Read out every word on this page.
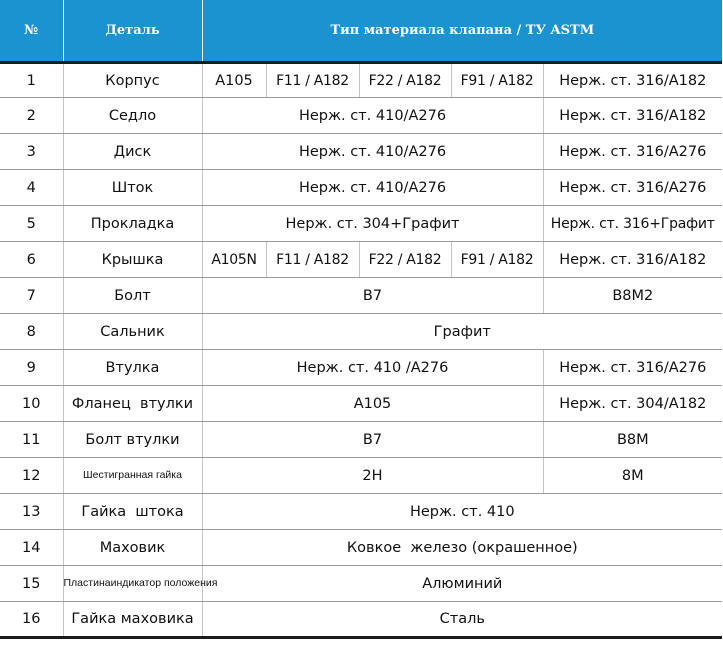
№	Деталь	Тип материала клапана / ТУ ASTM				
1	Корпус	A105	F11 / A182	F22 / A182	F91 / A182	Нерж. ст. 316/A182
2	Седло	Нерж. ст. 410/A276				Нерж. ст. 316/A182
3	Диск	Нерж. ст. 410/A276				Нерж. ст. 316/A276
4	Шток	Нерж. ст. 410/A276				Нерж. ст. 316/A276
5	Прокладка	Нерж. ст. 304+Графит				Нерж. ст. 316+Графит
6	Крышка	A105N	F11 / A182	F22 / A182	F91 / A182	Нерж. ст. 316/A182
7	Болт	B7				B8M2
8	Сальник	Графит				
9	Втулка	Нерж. ст. 410 /A276				Нерж. ст. 316/A276
10	Фланец  втулки	A105				Нерж. ст. 304/A182
11	Болт втулки	B7				B8M
12	Шестигранная гайка	2H				8M
13	Гайка  штока	Нерж. ст. 410				
14	Маховик	Ковкое  железо (окрашенное)				
15	Пластинаиндикатор положения	Алюминий				
16	Гайка маховика	Сталь				
